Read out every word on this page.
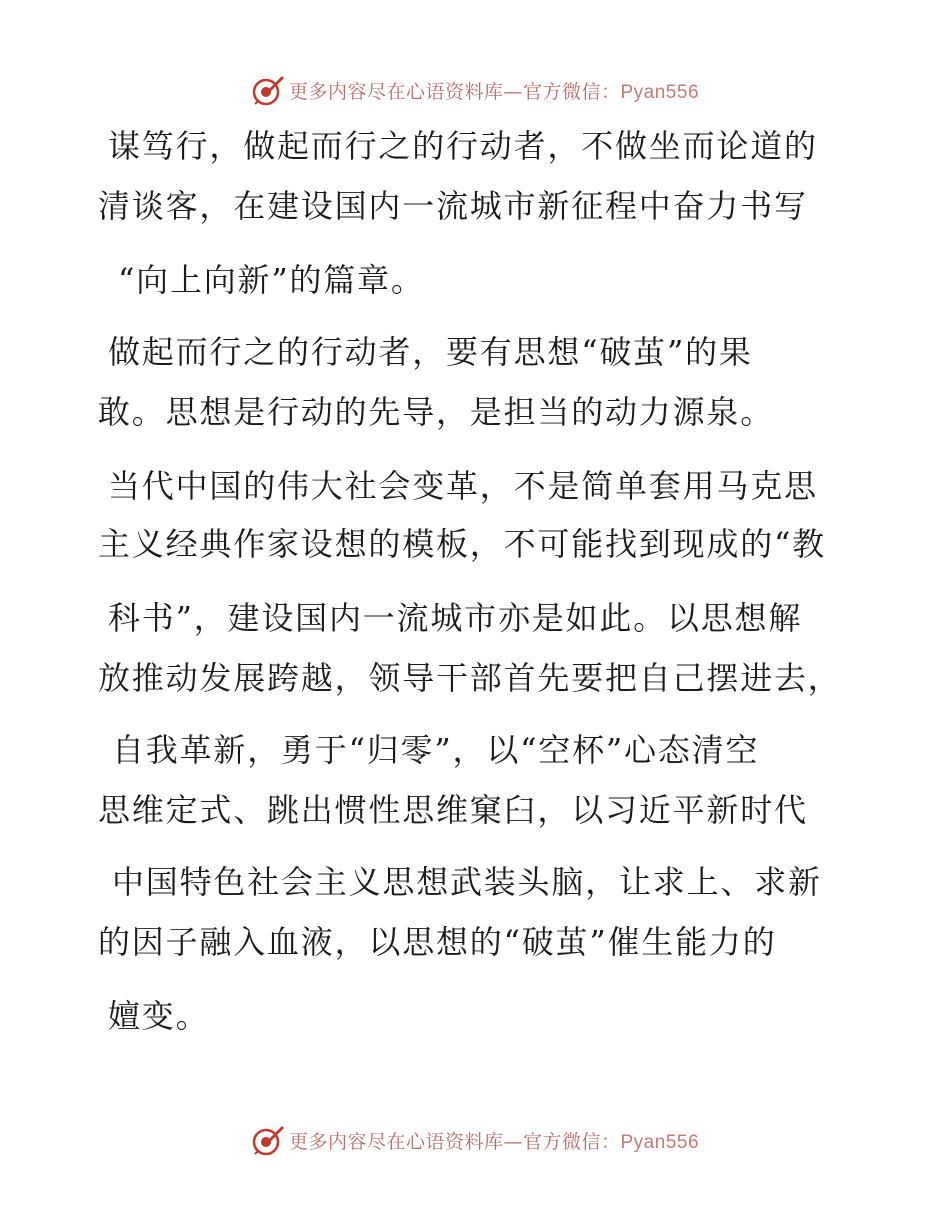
更多内容尽在心语资料库—官方微信：Pyan556
谋笃行，做起而行之的行动者，不做坐而论道的
清谈客，在建设国内一流城市新征程中奋力书写
“向上向新”的篇章。
做起而行之的行动者，要有思想“破茧”的果
敢。思想是行动的先导，是担当的动力源泉。
当代中国的伟大社会变革，不是简单套用马克思
主义经典作家设想的模板，不可能找到现成的“教
科书”，建设国内一流城市亦是如此。以思想解
放推动发展跨越，领导干部首先要把自己摆进去，
自我革新，勇于“归零”，以“空杯”心态清空
思维定式、跳出惯性思维窠臼，以习近平新时代
中国特色社会主义思想武装头脑，让求上、求新
的因子融入血液，以思想的“破茧”催生能力的
嬗变。
更多内容尽在心语资料库—官方微信：Pyan556
